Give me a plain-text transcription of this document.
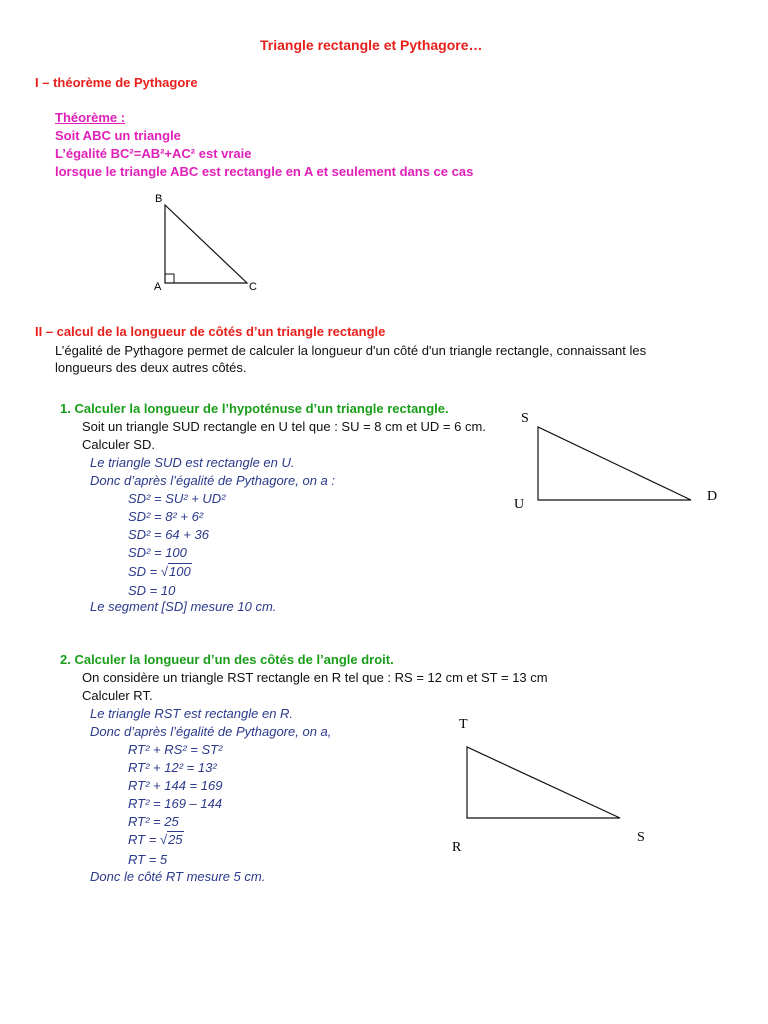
Triangle rectangle et Pythagore…
I – théorème de Pythagore
Théorème :
Soit ABC un triangle
L’égalité BC²=AB²+AC² est vraie
lorsque le triangle ABC est rectangle en A et seulement dans ce cas
B
A	C
II – calcul de la longueur de côtés d’un triangle rectangle
L’égalité de Pythagore permet de calculer la longueur d'un côté d'un triangle rectangle, connaissant les
longueurs des deux autres côtés.
1. Calculer la longueur de l’hypoténuse d’un triangle rectangle.
Soit un triangle SUD rectangle en U tel que : SU = 8 cm et UD = 6 cm.
Calculer SD.
Le triangle SUD est rectangle en U.
Donc d’après l’égalité de Pythagore, on a :
SD² = SU² + UD²
SD² = 8² + 6²
SD² = 64 + 36
SD² = 100
SD = √100
SD = 10
Le segment [SD] mesure 10 cm.
S
U
D
2. Calculer la longueur d’un des côtés de l’angle droit.
On considère un triangle RST rectangle en R tel que : RS = 12 cm et ST = 13 cm
Calculer RT.
Le triangle RST est rectangle en R.
Donc d’après l’égalité de Pythagore, on a,
RT² + RS² = ST²
RT² + 12² = 13²
RT² + 144 = 169
RT² = 169 – 144
RT² = 25
RT = √25
RT = 5
Donc le côté RT mesure 5 cm.
T
R
S
